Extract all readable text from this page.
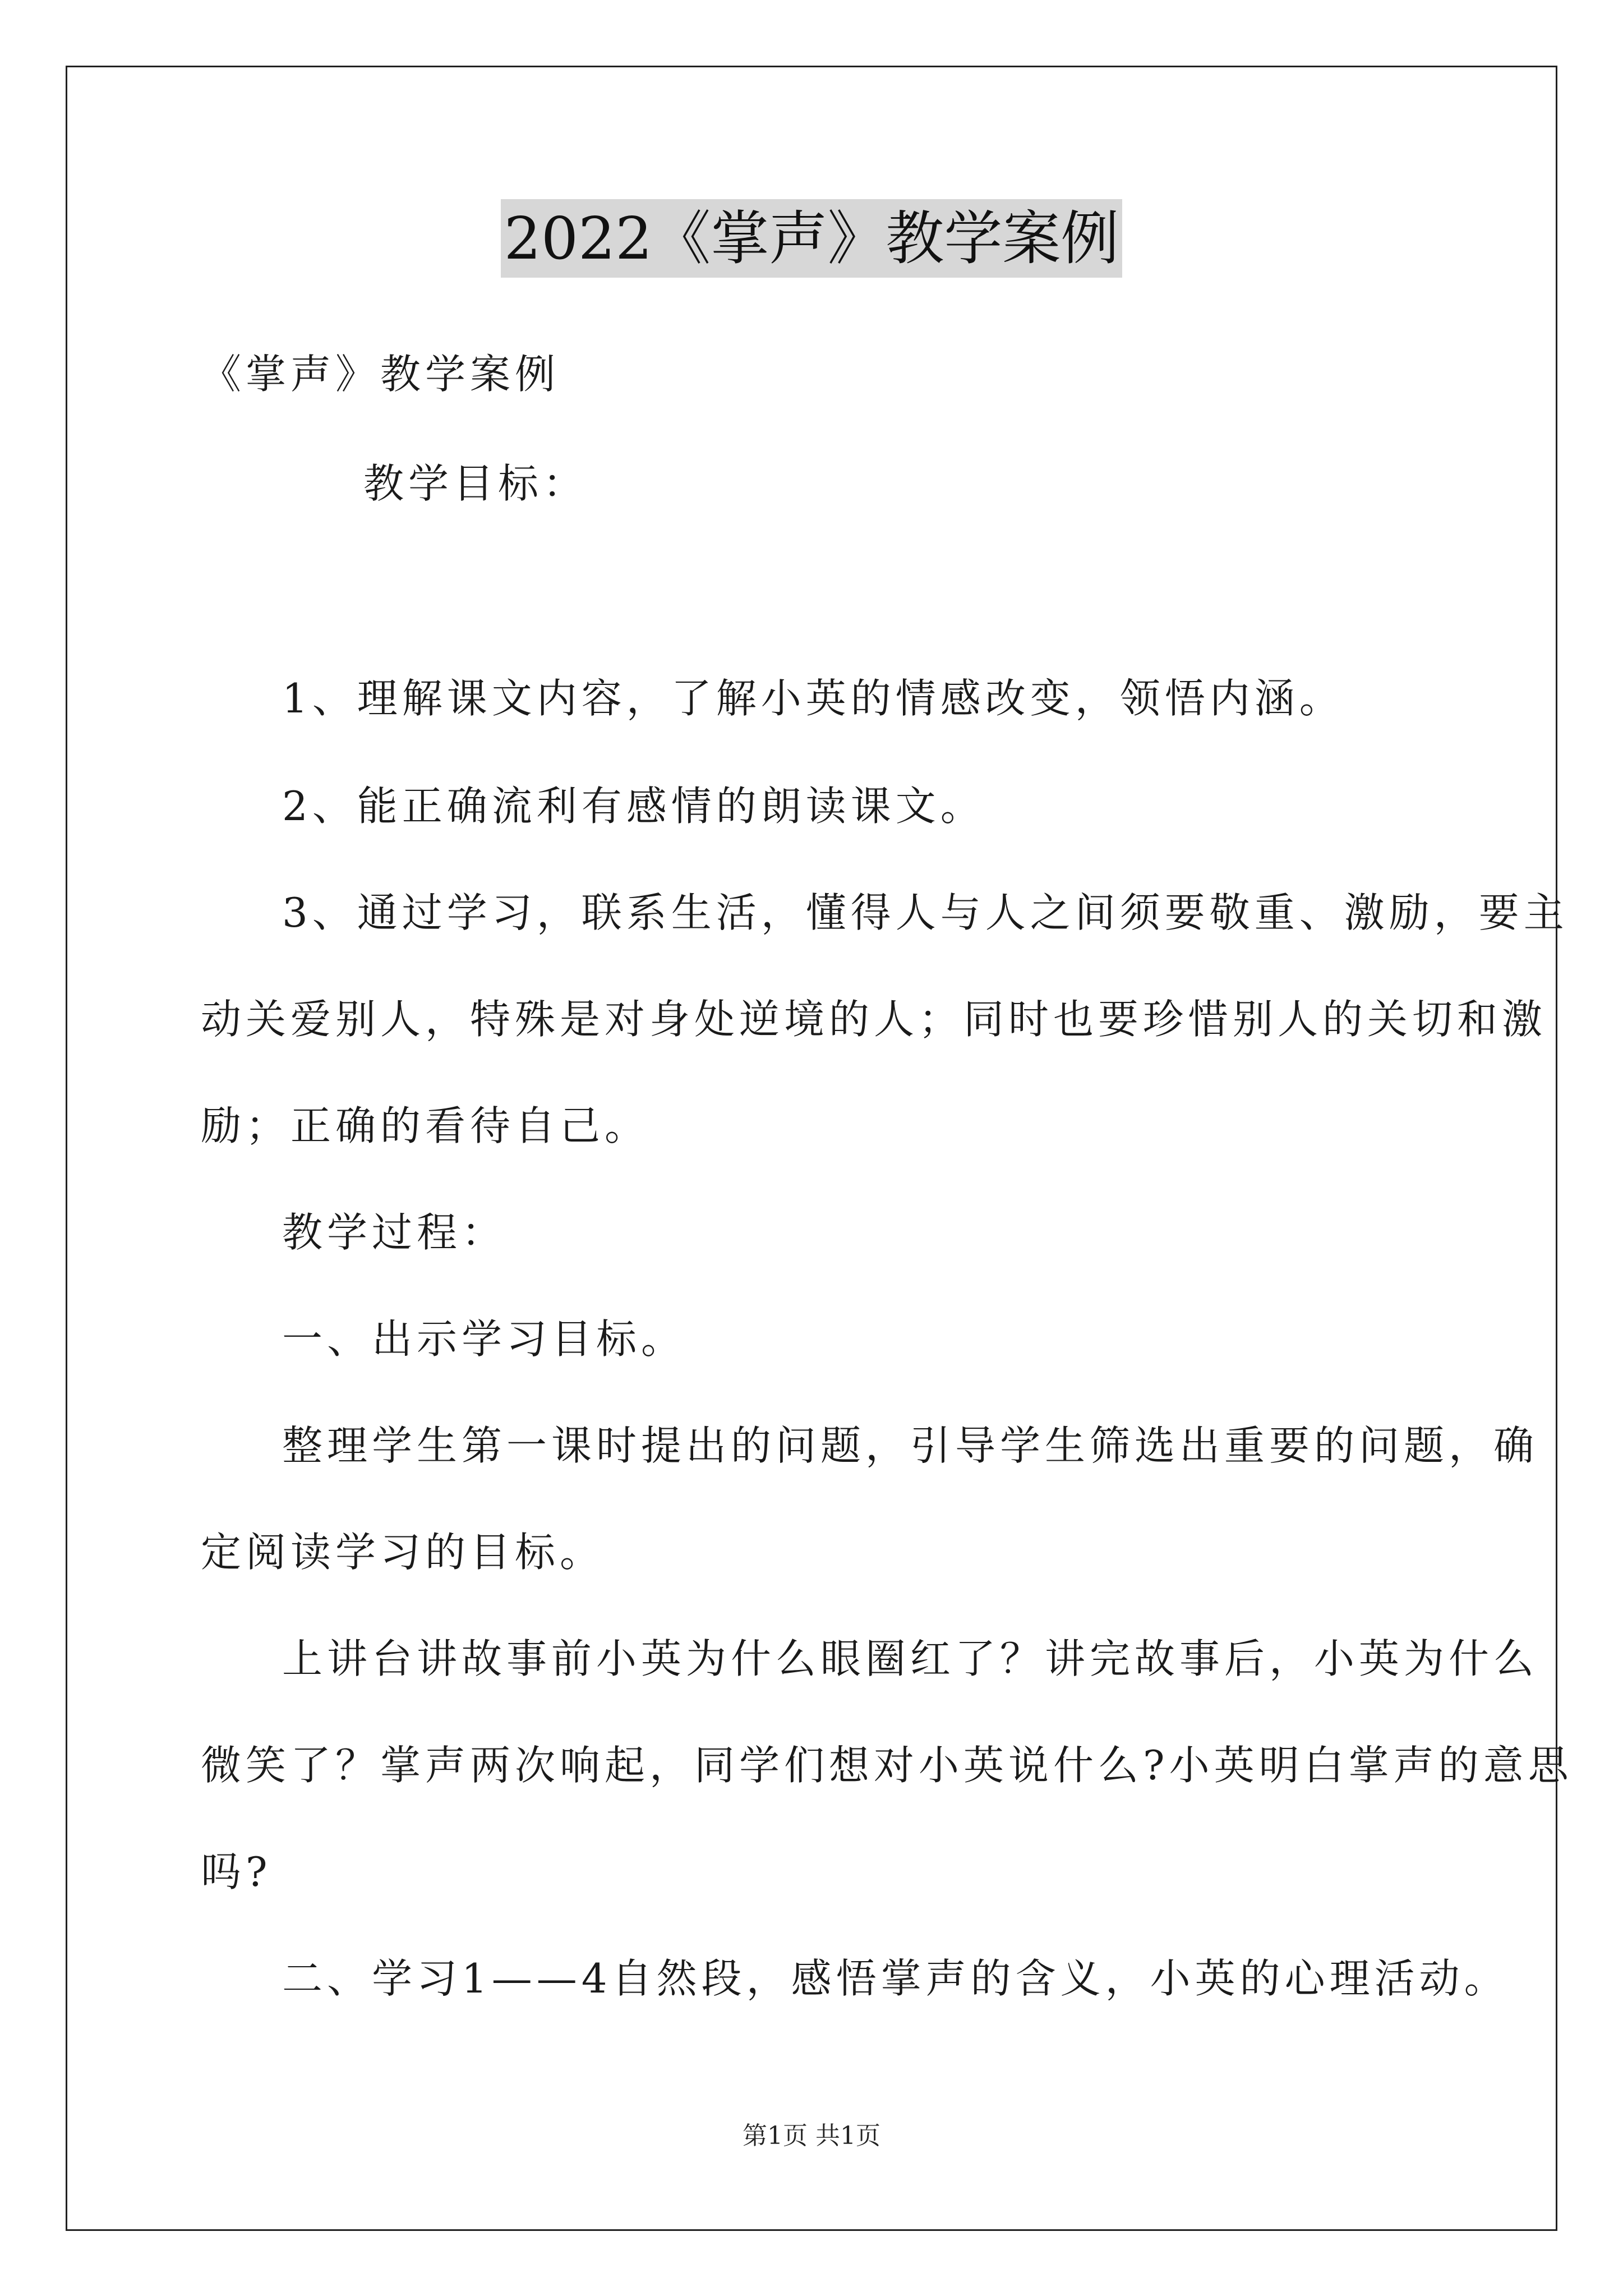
2022《掌声》教学案例
《掌声》教学案例
教学目标：
1、理解课文内容，了解小英的情感改变，领悟内涵。
2、能正确流利有感情的朗读课文。
3、通过学习，联系生活，懂得人与人之间须要敬重、激励，要主
动关爱别人，特殊是对身处逆境的人；同时也要珍惜别人的关切和激
励；正确的看待自己。
教学过程：
一、出示学习目标。
整理学生第一课时提出的问题，引导学生筛选出重要的问题，确
定阅读学习的目标。
上讲台讲故事前小英为什么眼圈红了？讲完故事后，小英为什么
微笑了？掌声两次响起，同学们想对小英说什么?小英明白掌声的意思
吗?
二、学习1——4自然段，感悟掌声的含义，小英的心理活动。
第1页 共1页
